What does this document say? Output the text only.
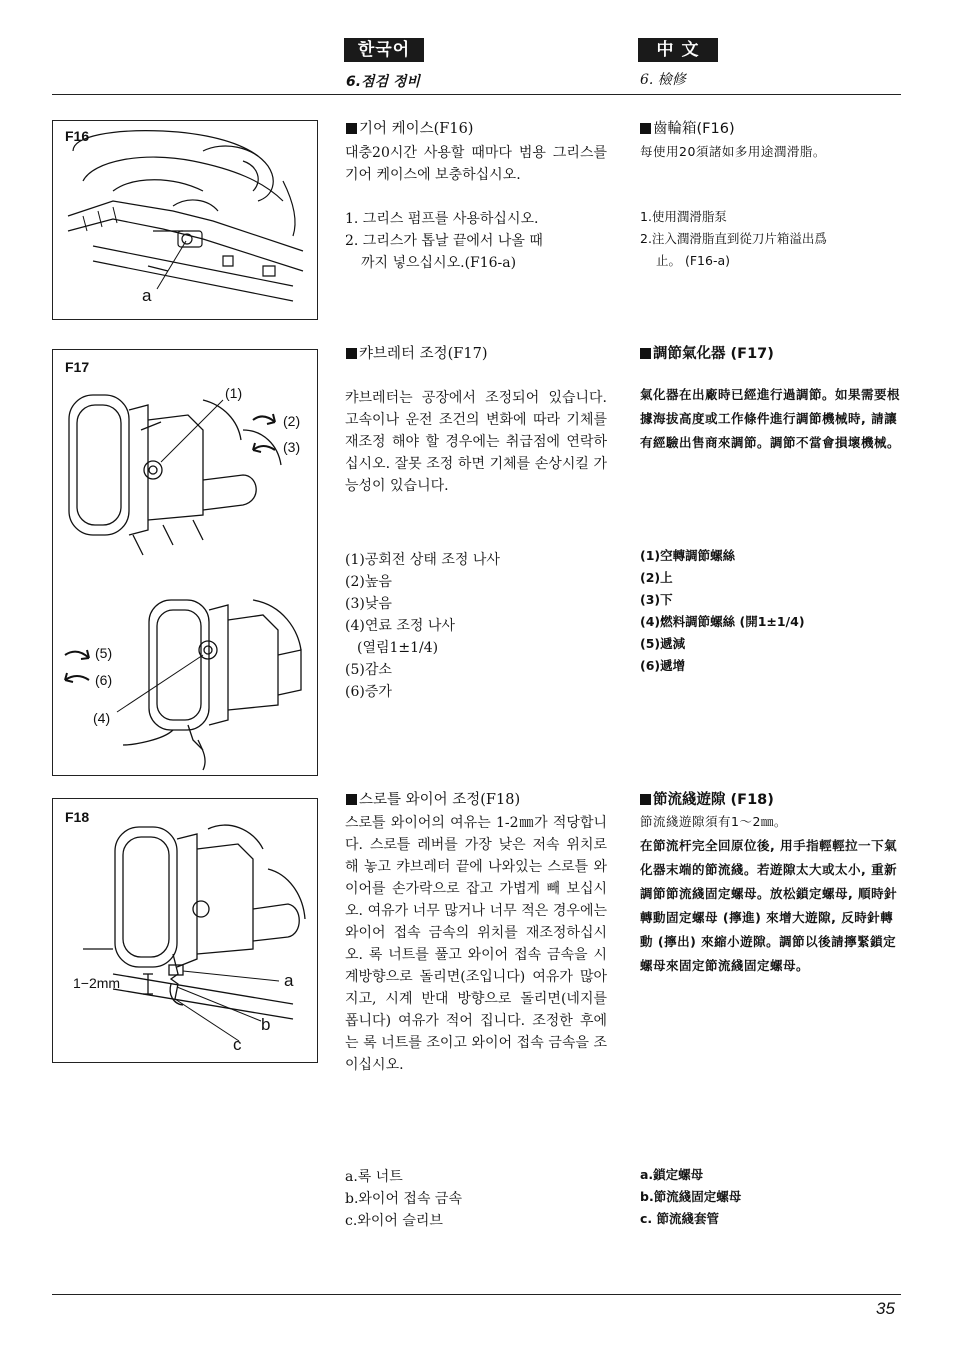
한국어	中 文
6.점검 정비	6. 檢修
F16
a
기어 케이스(F16)

대충20시간 사용할 때마다 범용 그리스를 기어 케이스에 보충하십시오.

1. 그리스 펌프를 사용하십시오.
2. 그리스가 톱날 끝에서 나올 때
까지 넣으십시오.(F16-a)
齒輪箱(F16)
每使用20須諸如多用途潤滑脂。
1.使用潤滑脂泵
2.注入潤滑脂直到從刀片箱溢出爲
止。 (F16-a)
F17
(1)
(2)
(3)
(5)
(6)
(4)
캬브레터 조정(F17)

캬브레터는 공장에서 조정되어 있습니다. 고속이나 운전 조건의 변화에 따라 기체를 재조정 해야 할 경우에는 취급점에 연락하십시오. 잘못 조정 하면 기체를 손상시킬 가능성이 있습니다.

(1)공회전 상태 조정 나사
(2)높음
(3)낮음
(4)연료 조정 나사
(열림1±1/4)
(5)감소
(6)증가
調節氣化器 (F17)
氣化器在出廠時已經進行過調節。如果需要根據海拔高度或工作條件進行調節機械時, 請讓有經驗出售商來調節。調節不當會損壞機械。
(1)空轉調節螺絲
(2)上
(3)下
(4)燃料調節螺絲 (開1±1/4)
(5)遞減
(6)遞增
F18
1−2mm	a
b
c
스로틀 와이어 조정(F18)

스로틀 와이어의 여유는 1-2㎜가 적당합니다. 스로틀 레버를 가장 낮은 저속 위치로 해 놓고 캬브레터 끝에 나와있는 스로틀 와이어를 손가락으로 잡고 가볍게 빼 보십시오. 여유가 너무 많거나 너무 적은 경우에는 와이어 접속 금속의 위치를 재조정하십시오. 록 너트를 풀고 와이어 접속 금속을 시계방향으로 돌리면(조입니다) 여유가 많아지고, 시계 반대 방향으로 돌리면(네지를 폽니다) 여유가 적어 집니다. 조정한 후에는 록 너트를 조이고 와이어 접속 금속을 조이십시오.

a.록 너트
b.와이어 접속 금속
c.와이어 슬리브
節流綫遊隙 (F18)
節流綫遊隙須有1〜2㎜。
在節流杆完全回原位後, 用手指輕輕拉一下氣化器末端的節流綫。若遊隙太大或太小, 重新調節節流綫固定螺母。放松鎖定螺母, 順時針轉動固定螺母 (擰進) 來增大遊隙, 反時針轉動 (擰出) 來縮小遊隙。調節以後請擰緊鎖定螺母來固定節流綫固定螺母。
a.鎖定螺母
b.節流綫固定螺母
c. 節流綫套管
35
